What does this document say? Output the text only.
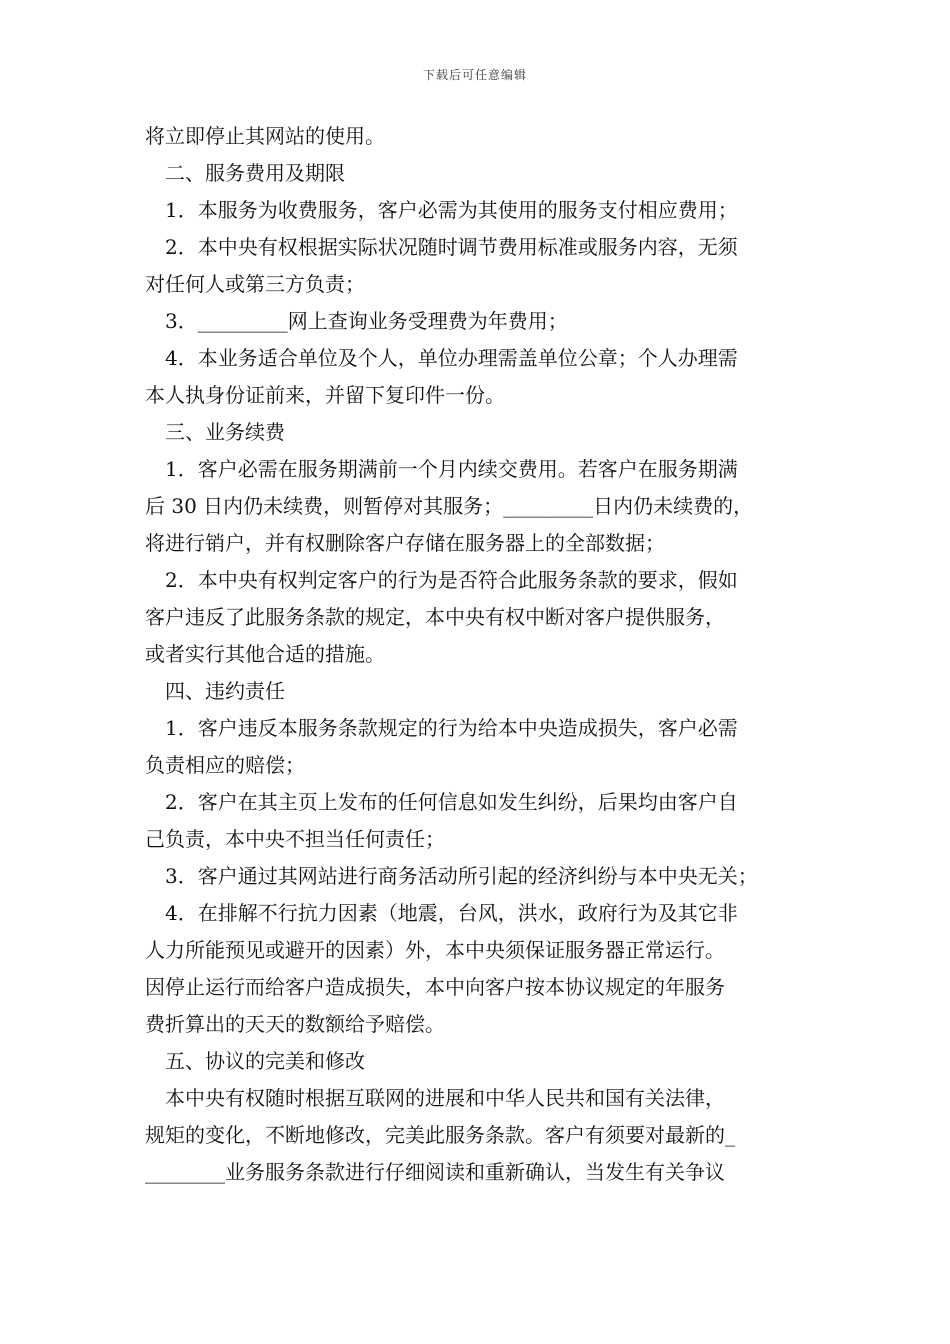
下载后可任意编辑
将立即停止其网站的使用。
二、服务费用及期限
1．本服务为收费服务，客户必需为其使用的服务支付相应费用；
2．本中央有权根据实际状况随时调节费用标准或服务内容，无须
对任何人或第三方负责；
3．_________网上查询业务受理费为年费用；
4．本业务适合单位及个人，单位办理需盖单位公章；个人办理需
本人执身份证前来，并留下复印件一份。
三、业务续费
1．客户必需在服务期满前一个月内续交费用。若客户在服务期满
后 30 日内仍未续费，则暂停对其服务；_________日内仍未续费的，
将进行销户，并有权删除客户存储在服务器上的全部数据；
2．本中央有权判定客户的行为是否符合此服务条款的要求，假如
客户违反了此服务条款的规定，本中央有权中断对客户提供服务，
或者实行其他合适的措施。
四、违约责任
1．客户违反本服务条款规定的行为给本中央造成损失，客户必需
负责相应的赔偿；
2．客户在其主页上发布的任何信息如发生纠纷，后果均由客户自
己负责，本中央不担当任何责任；
3．客户通过其网站进行商务活动所引起的经济纠纷与本中央无关；
4．在排解不行抗力因素（地震，台风，洪水，政府行为及其它非
人力所能预见或避开的因素）外，本中央须保证服务器正常运行。
因停止运行而给客户造成损失，本中向客户按本协议规定的年服务
费折算出的天天的数额给予赔偿。
五、协议的完美和修改
本中央有权随时根据互联网的进展和中华人民共和国有关法律，
规矩的变化，不断地修改，完美此服务条款。客户有须要对最新的_
________业务服务条款进行仔细阅读和重新确认，当发生有关争议
